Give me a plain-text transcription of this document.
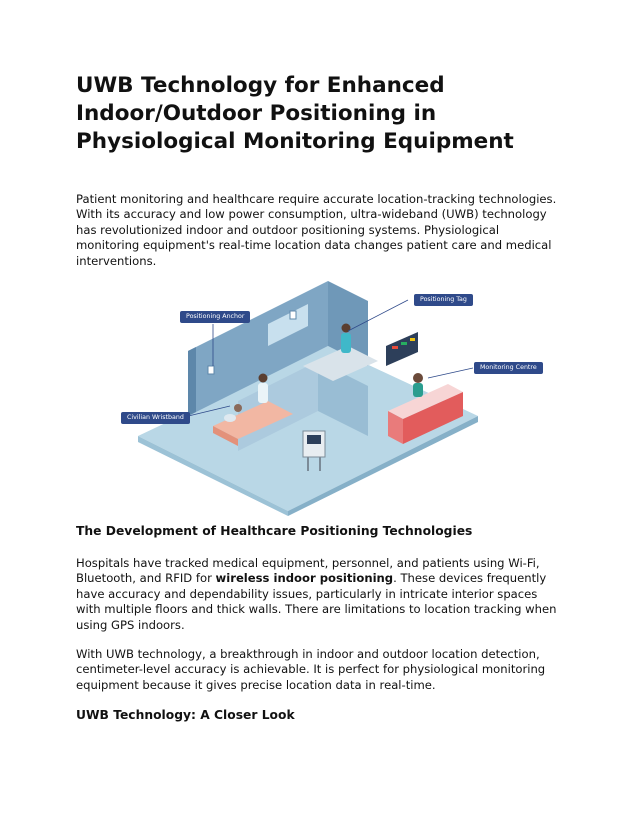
UWB Technology for Enhanced Indoor/Outdoor Positioning in Physiological Monitoring Equipment

Patient monitoring and healthcare require accurate location-tracking technologies. With its accuracy and low power consumption, ultra-wideband (UWB) technology has revolutionized indoor and outdoor positioning systems. Physiological monitoring equipment's real-time location data changes patient care and medical interventions.

The Development of Healthcare Positioning Technologies

Hospitals have tracked medical equipment, personnel, and patients using Wi-Fi, Bluetooth, and RFID for wireless indoor positioning. These devices frequently have accuracy and dependability issues, particularly in intricate interior spaces with multiple floors and thick walls. There are limitations to location tracking when using GPS indoors.

With UWB technology, a breakthrough in indoor and outdoor location detection, centimeter-level accuracy is achievable. It is perfect for physiological monitoring equipment because it gives precise location data in real-time.

UWB Technology: A Closer Look

Positioning Anchor
Positioning Tag
Monitoring Centre
Civilian Wristband
